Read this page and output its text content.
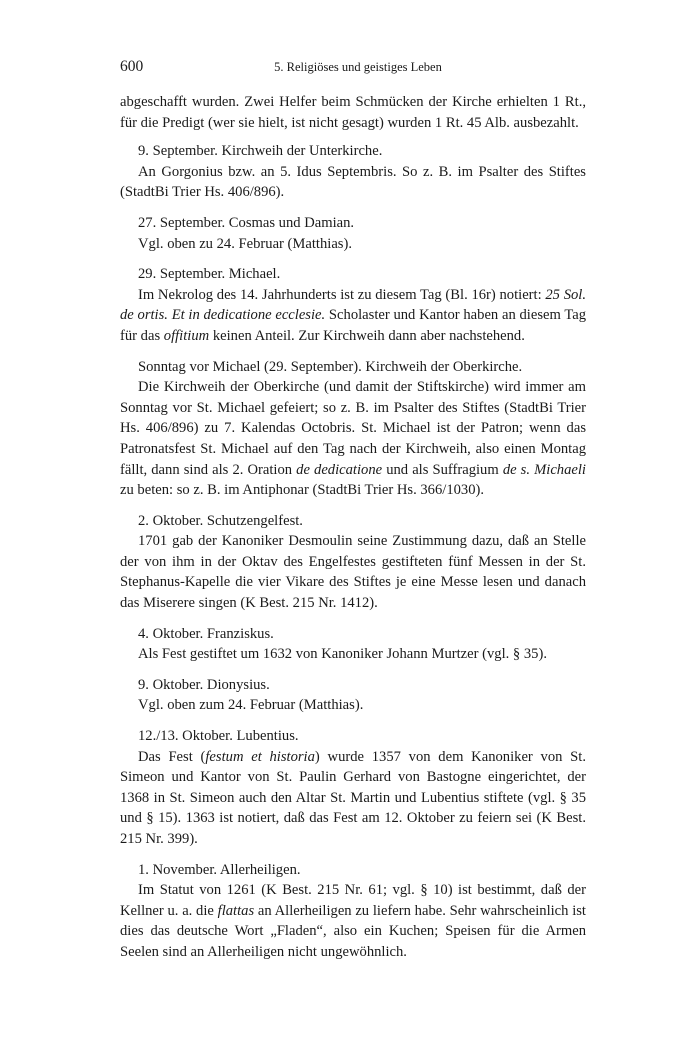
600	5. Religiöses und geistiges Leben

abgeschafft wurden. Zwei Helfer beim Schmücken der Kirche erhielten 1 Rt., für die Predigt (wer sie hielt, ist nicht gesagt) wurden 1 Rt. 45 Alb. ausbezahlt.

9. September. Kirchweih der Unterkirche.

An Gorgonius bzw. an 5. Idus Septembris. So z. B. im Psalter des Stiftes (StadtBi Trier Hs. 406/896).

27. September. Cosmas und Damian.

Vgl. oben zu 24. Februar (Matthias).

29. September. Michael.

Im Nekrolog des 14. Jahrhunderts ist zu diesem Tag (Bl. 16r) notiert: 25 Sol. de ortis. Et in dedicatione ecclesie. Scholaster und Kantor haben an diesem Tag für das offitium keinen Anteil. Zur Kirchweih dann aber nachstehend.

Sonntag vor Michael (29. September). Kirchweih der Oberkirche.

Die Kirchweih der Oberkirche (und damit der Stiftskirche) wird immer am Sonntag vor St. Michael gefeiert; so z. B. im Psalter des Stiftes (StadtBi Trier Hs. 406/896) zu 7. Kalendas Octobris. St. Michael ist der Patron; wenn das Patronatsfest St. Michael auf den Tag nach der Kirchweih, also einen Montag fällt, dann sind als 2. Oration de dedicatione und als Suffragium de s. Michaeli zu beten: so z. B. im Antiphonar (StadtBi Trier Hs. 366/1030).

2. Oktober. Schutzengelfest.

1701 gab der Kanoniker Desmoulin seine Zustimmung dazu, daß an Stelle der von ihm in der Oktav des Engelfestes gestifteten fünf Messen in der St. Stephanus-Kapelle die vier Vikare des Stiftes je eine Messe lesen und danach das Miserere singen (K Best. 215 Nr. 1412).

4. Oktober. Franziskus.

Als Fest gestiftet um 1632 von Kanoniker Johann Murtzer (vgl. § 35).

9. Oktober. Dionysius.

Vgl. oben zum 24. Februar (Matthias).

12./13. Oktober. Lubentius.

Das Fest (festum et historia) wurde 1357 von dem Kanoniker von St. Simeon und Kantor von St. Paulin Gerhard von Bastogne eingerichtet, der 1368 in St. Simeon auch den Altar St. Martin und Lubentius stiftete (vgl. § 35 und § 15). 1363 ist notiert, daß das Fest am 12. Oktober zu feiern sei (K Best. 215 Nr. 399).

1. November. Allerheiligen.

Im Statut von 1261 (K Best. 215 Nr. 61; vgl. § 10) ist bestimmt, daß der Kellner u. a. die flattas an Allerheiligen zu liefern habe. Sehr wahrscheinlich ist dies das deutsche Wort „Fladen“, also ein Kuchen; Speisen für die Armen Seelen sind an Allerheiligen nicht ungewöhnlich.
